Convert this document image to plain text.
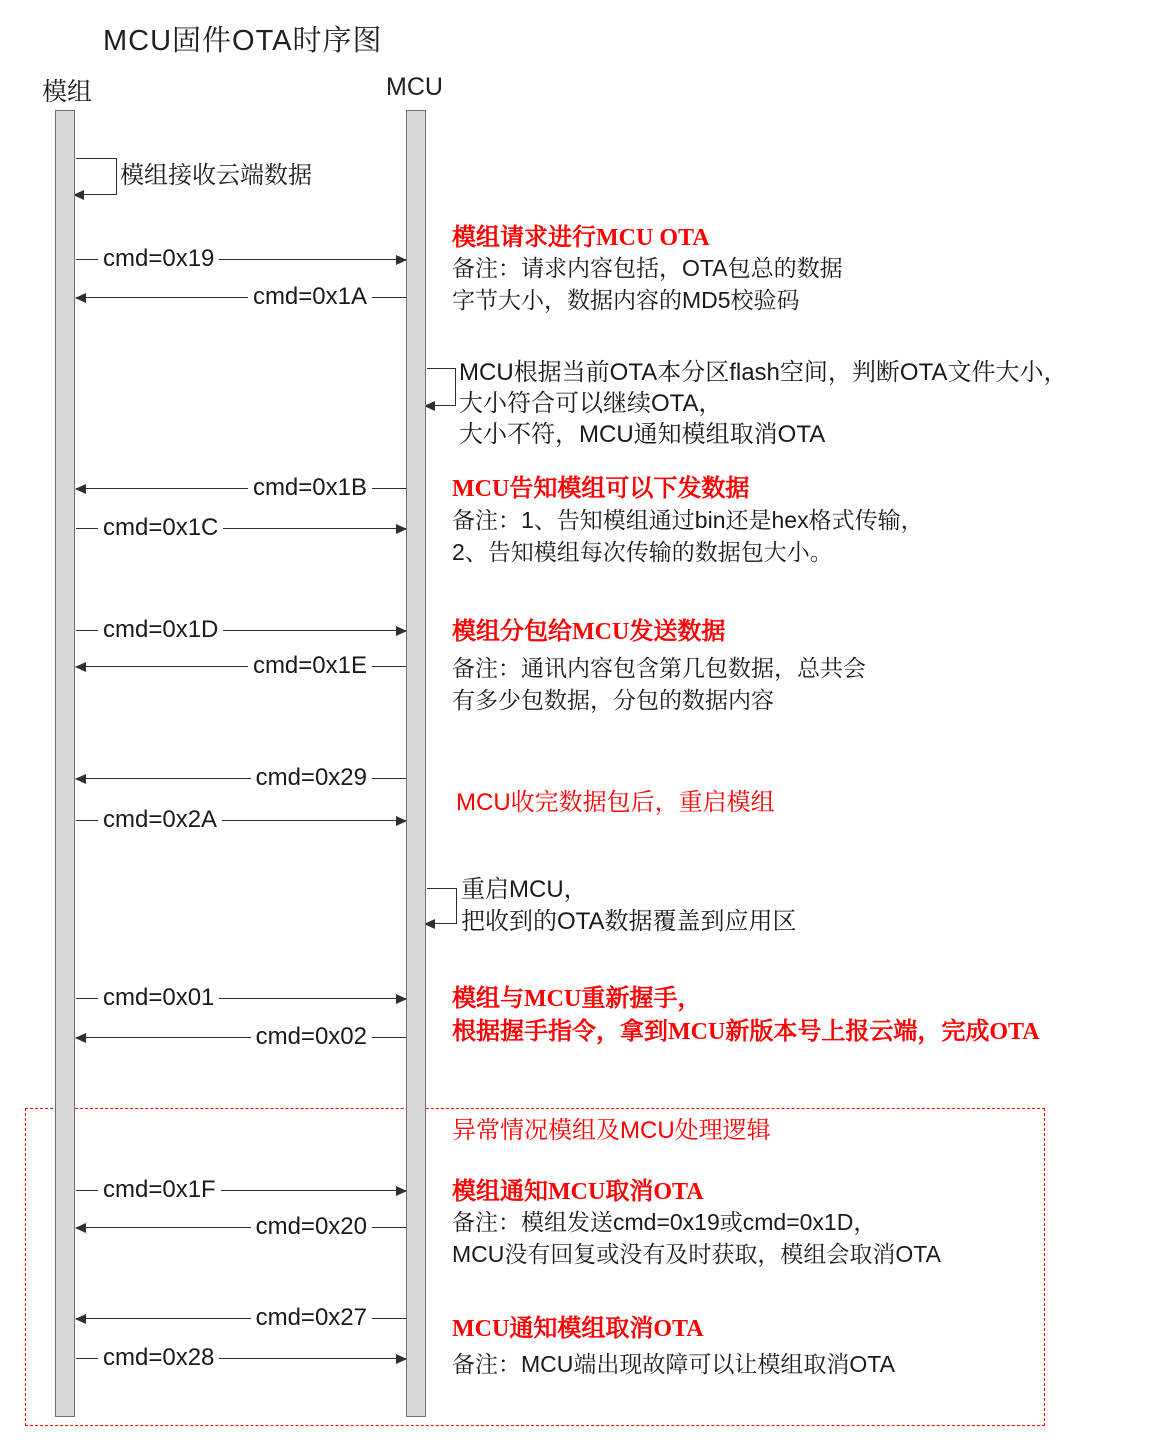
MCU固件OTA时序图
模组	MCU
模组接收云端数据
cmd=0x19
cmd=0x1A
模组请求进行MCU OTA
备注：请求内容包括，OTA包总的数据
字节大小，数据内容的MD5校验码
MCU根据当前OTA本分区flash空间，判断OTA文件大小，
大小符合可以继续OTA，
大小不符，MCU通知模组取消OTA
cmd=0x1B
cmd=0x1C
MCU告知模组可以下发数据
备注：1、告知模组通过bin还是hex格式传输，
2、告知模组每次传输的数据包大小。
cmd=0x1D
cmd=0x1E
模组分包给MCU发送数据
备注：通讯内容包含第几包数据，总共会
有多少包数据，分包的数据内容
cmd=0x29
cmd=0x2A
MCU收完数据包后，重启模组
重启MCU，
把收到的OTA数据覆盖到应用区
cmd=0x01
cmd=0x02
模组与MCU重新握手，
根据握手指令，拿到MCU新版本号上报云端，完成OTA
异常情况模组及MCU处理逻辑
cmd=0x1F
cmd=0x20
模组通知MCU取消OTA
备注：模组发送cmd=0x19或cmd=0x1D，
MCU没有回复或没有及时获取，模组会取消OTA
cmd=0x27
cmd=0x28
MCU通知模组取消OTA
备注：MCU端出现故障可以让模组取消OTA
